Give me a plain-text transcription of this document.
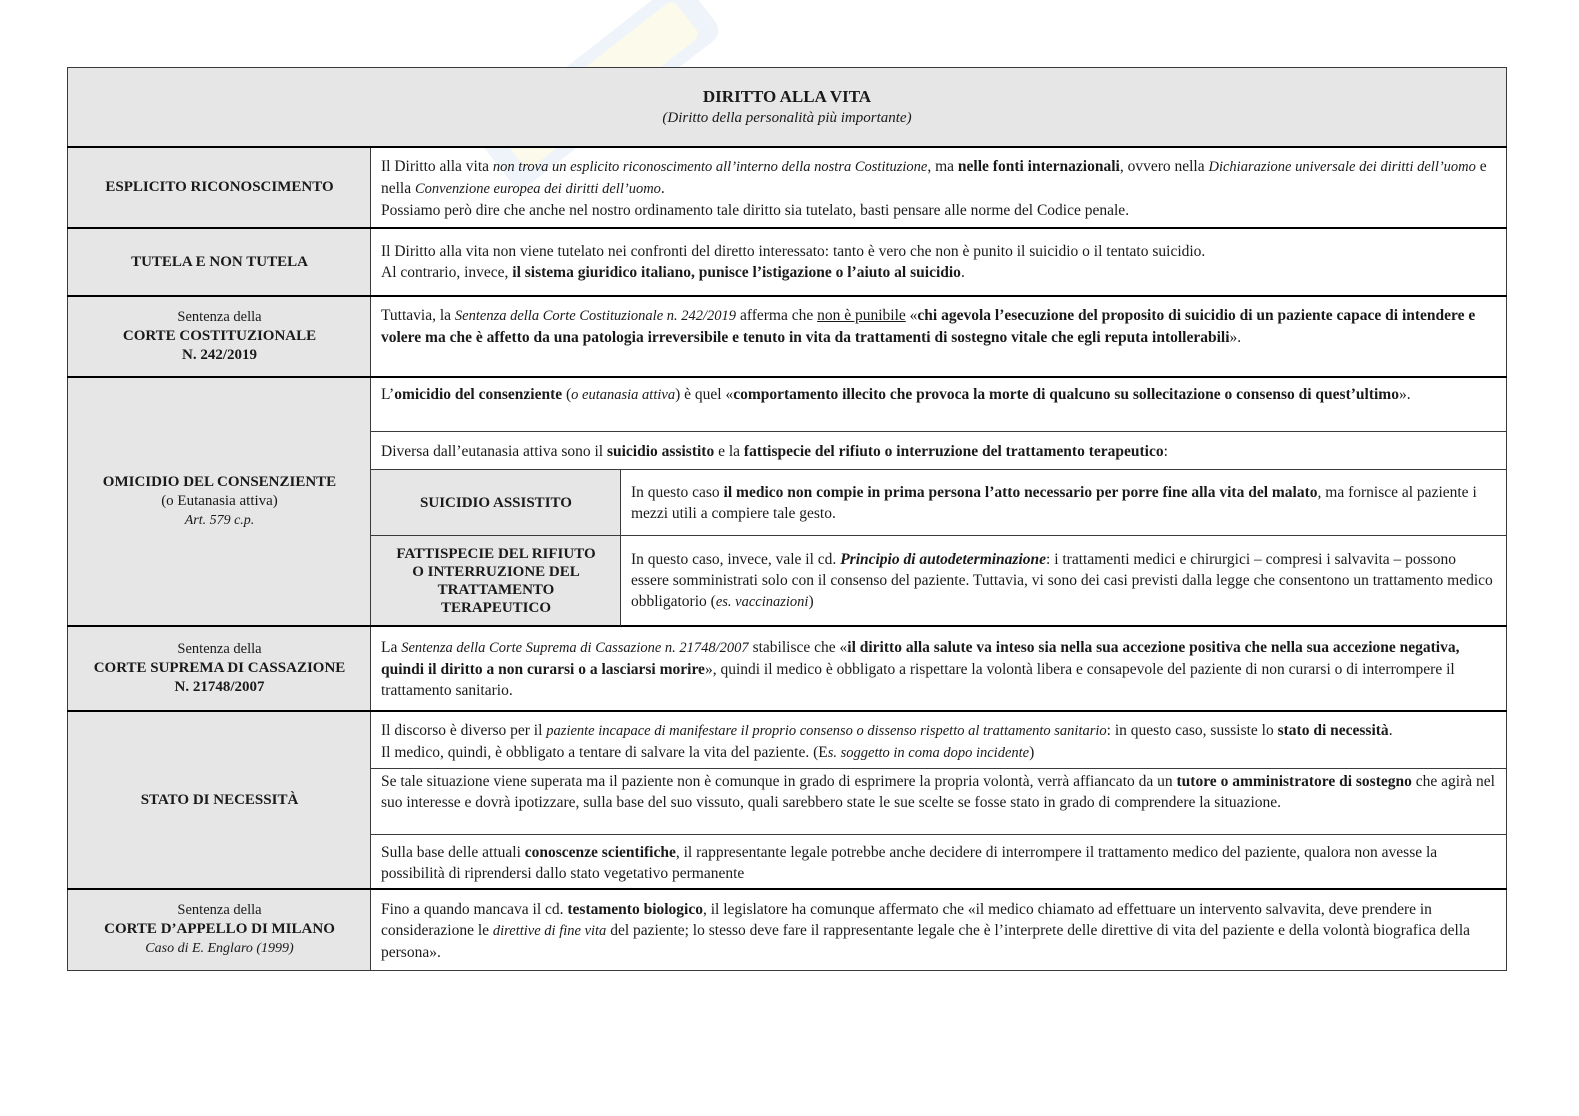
DIRITTO ALLA VITA
(Diritto della personalità più importante)
ESPLICITO RICONOSCIMENTO
Il Diritto alla vita non trova un esplicito riconoscimento all’interno della nostra Costituzione, ma nelle fonti internazionali, ovvero nella Dichiarazione universale dei diritti dell’uomo e nella Convenzione europea dei diritti dell’uomo.
Possiamo però dire che anche nel nostro ordinamento tale diritto sia tutelato, basti pensare alle norme del Codice penale.
TUTELA E NON TUTELA
Il Diritto alla vita non viene tutelato nei confronti del diretto interessato: tanto è vero che non è punito il suicidio o il tentato suicidio.
Al contrario, invece, il sistema giuridico italiano, punisce l’istigazione o l’aiuto al suicidio.
Sentenza della
CORTE COSTITUZIONALE
N. 242/2019
Tuttavia, la Sentenza della Corte Costituzionale n. 242/2019 afferma che non è punibile «chi agevola l’esecuzione del proposito di suicidio di un paziente capace di intendere e volere ma che è affetto da una patologia irreversibile e tenuto in vita da trattamenti di sostegno vitale che egli reputa intollerabili».
OMICIDIO DEL CONSENZIENTE
(o Eutanasia attiva)
Art. 579 c.p.
L’omicidio del consenziente (o eutanasia attiva) è quel «comportamento illecito che provoca la morte di qualcuno su sollecitazione o consenso di quest’ultimo».
Diversa dall’eutanasia attiva sono il suicidio assistito e la fattispecie del rifiuto o interruzione del trattamento terapeutico:
SUICIDIO ASSISTITO
In questo caso il medico non compie in prima persona l’atto necessario per porre fine alla vita del malato, ma fornisce al paziente i mezzi utili a compiere tale gesto.
FATTISPECIE DEL RIFIUTO
O INTERRUZIONE DEL
TRATTAMENTO
TERAPEUTICO
In questo caso, invece, vale il cd. Principio di autodeterminazione: i trattamenti medici e chirurgici – compresi i salvavita – possono essere somministrati solo con il consenso del paziente. Tuttavia, vi sono dei casi previsti dalla legge che consentono un trattamento medico obbligatorio (es. vaccinazioni)
Sentenza della
CORTE SUPREMA DI CASSAZIONE
N. 21748/2007
La Sentenza della Corte Suprema di Cassazione n. 21748/2007 stabilisce che «il diritto alla salute va inteso sia nella sua accezione positiva che nella sua accezione negativa, quindi il diritto a non curarsi o a lasciarsi morire», quindi il medico è obbligato a rispettare la volontà libera e consapevole del paziente di non curarsi o di interrompere il trattamento sanitario.
STATO DI NECESSITÀ
Il discorso è diverso per il paziente incapace di manifestare il proprio consenso o dissenso rispetto al trattamento sanitario: in questo caso, sussiste lo stato di necessità.
Il medico, quindi, è obbligato a tentare di salvare la vita del paziente. (Es. soggetto in coma dopo incidente)
Se tale situazione viene superata ma il paziente non è comunque in grado di esprimere la propria volontà, verrà affiancato da un tutore o amministratore di sostegno che agirà nel suo interesse e dovrà ipotizzare, sulla base del suo vissuto, quali sarebbero state le sue scelte se fosse stato in grado di comprendere la situazione.
Sulla base delle attuali conoscenze scientifiche, il rappresentante legale potrebbe anche decidere di interrompere il trattamento medico del paziente, qualora non avesse la possibilità di riprendersi dallo stato vegetativo permanente
Sentenza della
CORTE D’APPELLO DI MILANO
Caso di E. Englaro (1999)
Fino a quando mancava il cd. testamento biologico, il legislatore ha comunque affermato che «il medico chiamato ad effettuare un intervento salvavita, deve prendere in considerazione le direttive di fine vita del paziente; lo stesso deve fare il rappresentante legale che è l’interprete delle direttive di vita del paziente e della volontà biografica della persona».
